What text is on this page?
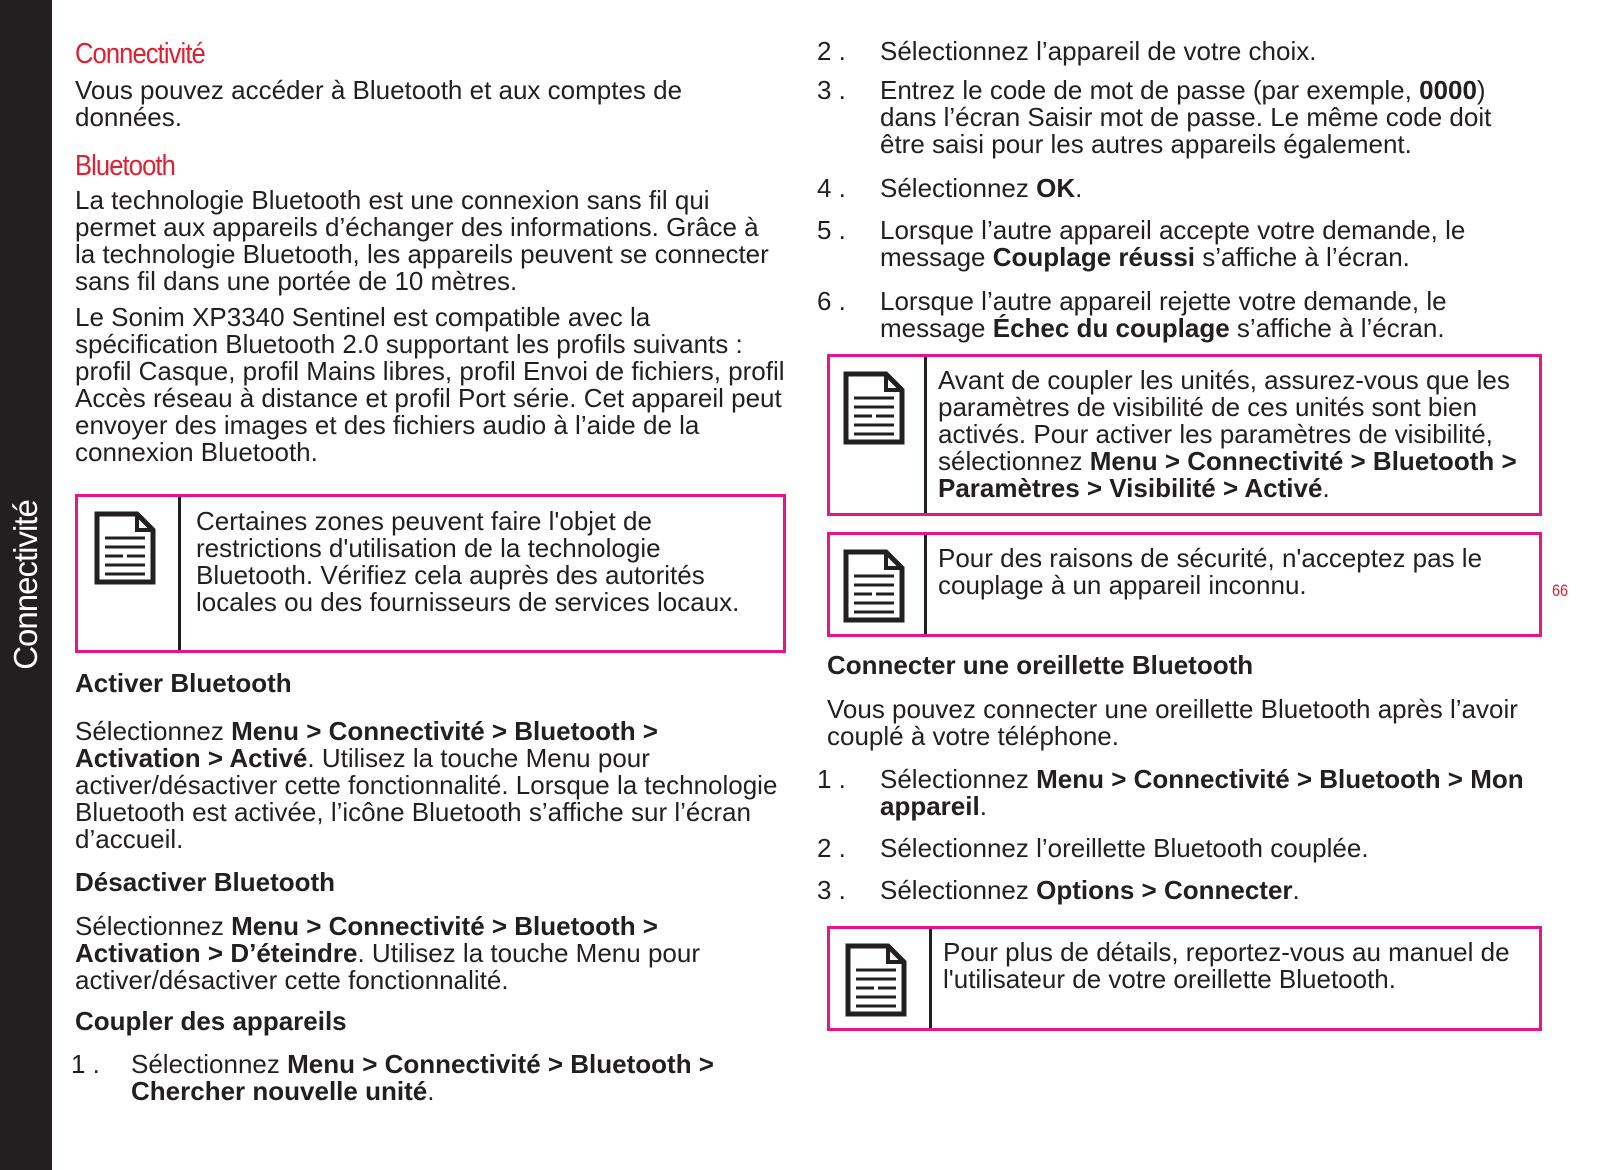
Connectivité
Connectivité

Vous pouvez accéder à Bluetooth et aux comptes de données.

Bluetooth

La technologie Bluetooth est une connexion sans fil qui permet aux appareils d’échanger des informations. Grâce à la technologie Bluetooth, les appareils peuvent se connecter sans fil dans une portée de 10 mètres.

Le Sonim XP3340 Sentinel est compatible avec la spécification Bluetooth 2.0 supportant les profils suivants : profil Casque, profil Mains libres, profil Envoi de fichiers, profil Accès réseau à distance et profil Port série. Cet appareil peut envoyer des images et des fichiers audio à l’aide de la connexion Bluetooth.

Certaines zones peuvent faire l'objet de restrictions d'utilisation de la technologie Bluetooth. Vérifiez cela auprès des autorités locales ou des fournisseurs de services locaux.

Activer Bluetooth

Sélectionnez Menu > Connectivité > Bluetooth > Activation > Activé. Utilisez la touche Menu pour activer/désactiver cette fonctionnalité. Lorsque la technologie Bluetooth est activée, l’icône Bluetooth s’affiche sur l’écran d’accueil.

Désactiver Bluetooth

Sélectionnez Menu > Connectivité > Bluetooth > Activation > D’éteindre. Utilisez la touche Menu pour activer/désactiver cette fonctionnalité.

Coupler des appareils

1 . Sélectionnez Menu > Connectivité > Bluetooth > Chercher nouvelle unité.
2 . Sélectionnez l’appareil de votre choix.
3 . Entrez le code de mot de passe (par exemple, 0000) dans l’écran Saisir mot de passe. Le même code doit être saisi pour les autres appareils également.
4 . Sélectionnez OK.
5 . Lorsque l’autre appareil accepte votre demande, le message Couplage réussi s’affiche à l’écran.
6 . Lorsque l’autre appareil rejette votre demande, le message Échec du couplage s’affiche à l’écran.

Avant de coupler les unités, assurez-vous que les paramètres de visibilité de ces unités sont bien activés. Pour activer les paramètres de visibilité, sélectionnez Menu > Connectivité > Bluetooth > Paramètres > Visibilité > Activé.

Pour des raisons de sécurité, n'acceptez pas le couplage à un appareil inconnu.

Connecter une oreillette Bluetooth

Vous pouvez connecter une oreillette Bluetooth après l’avoir couplé à votre téléphone.

1 . Sélectionnez Menu > Connectivité > Bluetooth > Mon appareil.
2 . Sélectionnez l’oreillette Bluetooth couplée.
3 . Sélectionnez Options > Connecter.

Pour plus de détails, reportez-vous au manuel de l'utilisateur de votre oreillette Bluetooth.

66
